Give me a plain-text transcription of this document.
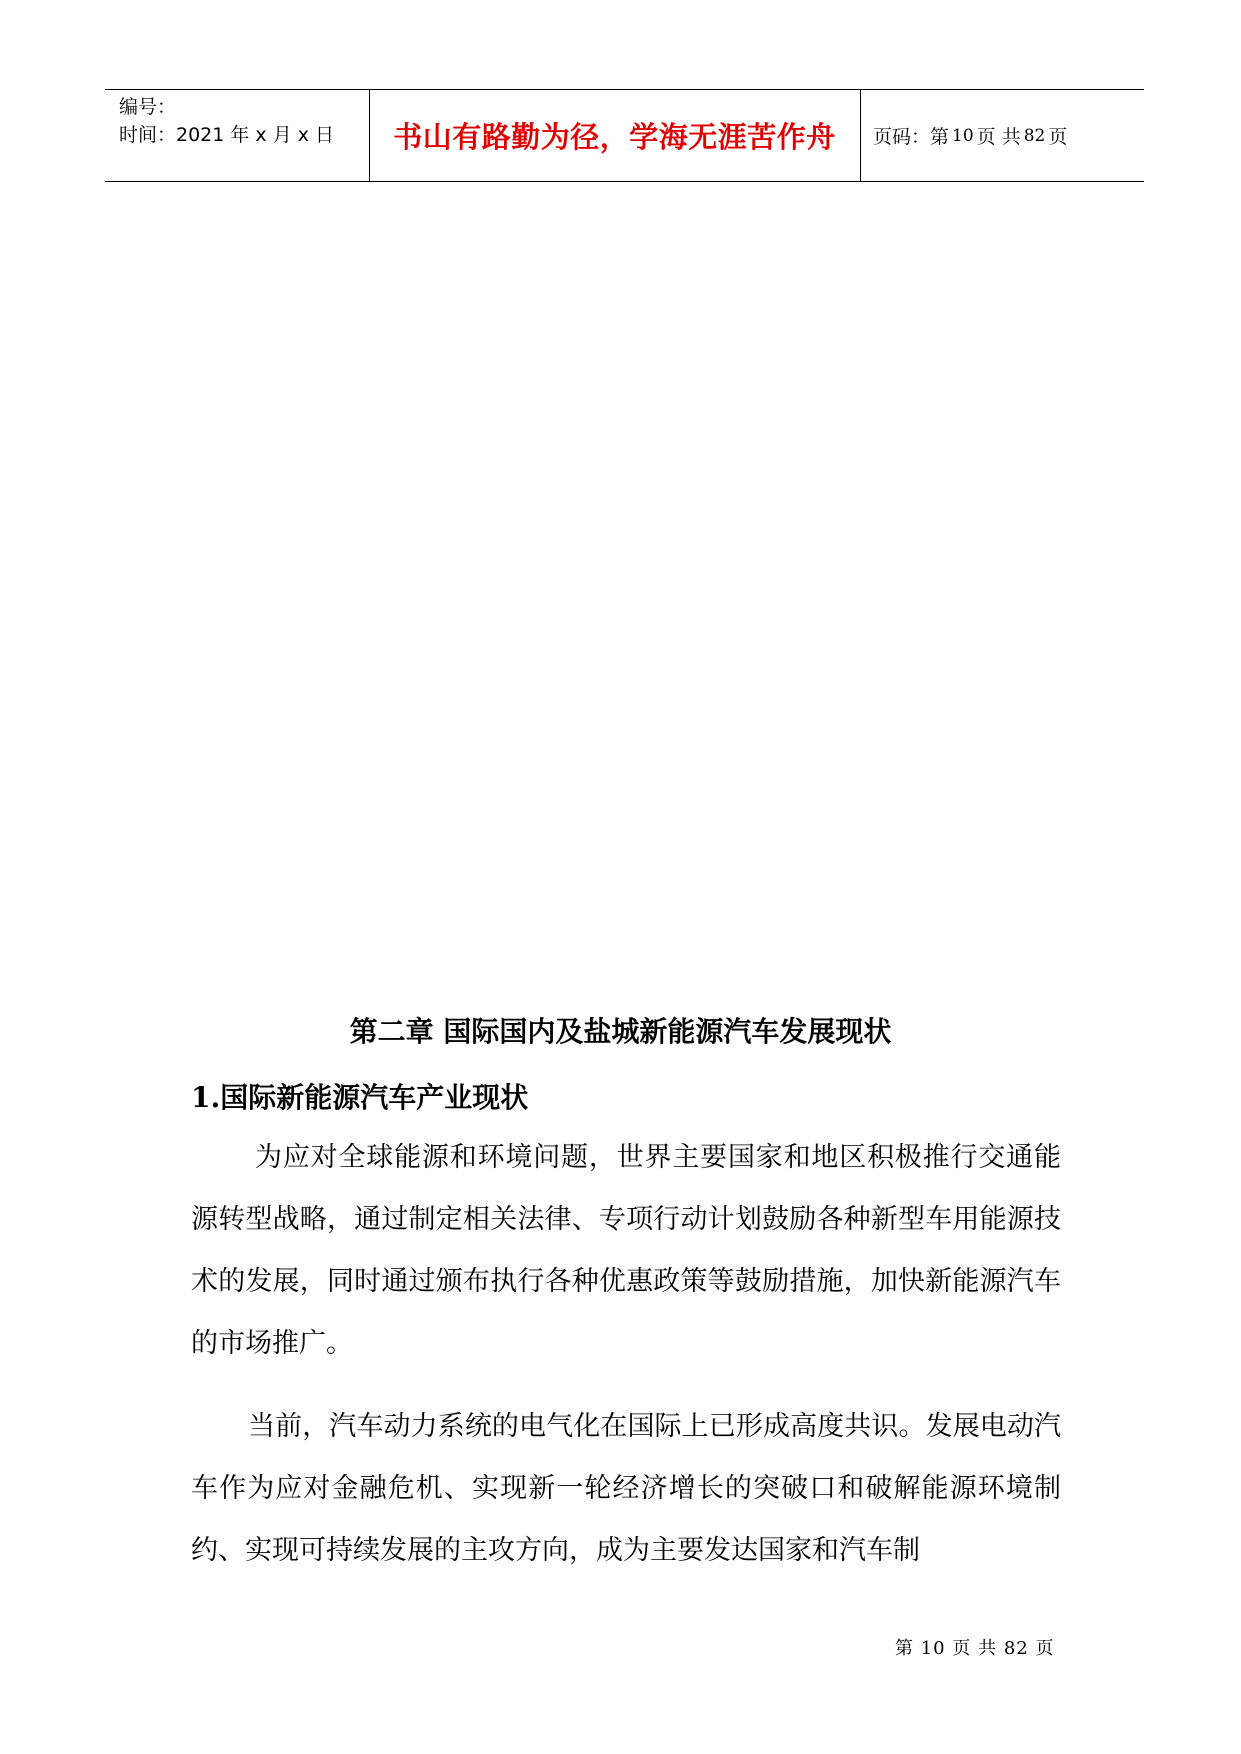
编号：
时间：2021 年 x 月 x 日	书山有路勤为径，学海无涯苦作舟	页码：第 10 页 共 82 页
第二章 国际国内及盐城新能源汽车发展现状
1.国际新能源汽车产业现状

为应对全球能源和环境问题，世界主要国家和地区积极推行交通能源转型战略，通过制定相关法律、专项行动计划鼓励各种新型车用能源技术的发展，同时通过颁布执行各种优惠政策等鼓励措施，加快新能源汽车的市场推广。

当前，汽车动力系统的电气化在国际上已形成高度共识。发展电动汽车作为应对金融危机、实现新一轮经济增长的突破口和破解能源环境制约、实现可持续发展的主攻方向，成为主要发达国家和汽车制

第 10 页 共 82 页
